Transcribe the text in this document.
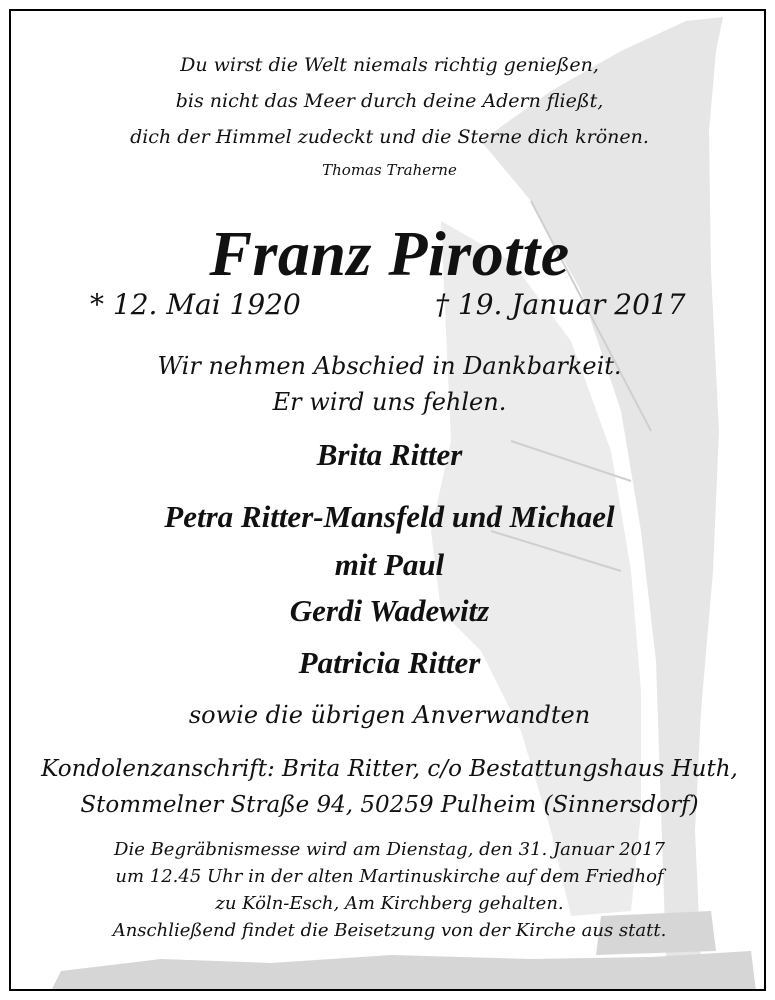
Du wirst die Welt niemals richtig genießen,
bis nicht das Meer durch deine Adern fließt,
dich der Himmel zudeckt und die Sterne dich krönen.
Thomas Traherne
Franz Pirotte
* 12. Mai 1920	† 19. Januar 2017
Wir nehmen Abschied in Dankbarkeit.
Er wird uns fehlen.
Brita Ritter
Petra Ritter-Mansfeld und Michael
mit Paul
Gerdi Wadewitz
Patricia Ritter
sowie die übrigen Anverwandten
Kondolenzanschrift: Brita Ritter, c/o Bestattungshaus Huth,
Stommelner Straße 94, 50259 Pulheim (Sinnersdorf)
Die Begräbnismesse wird am Dienstag, den 31. Januar 2017
um 12.45 Uhr in der alten Martinuskirche auf dem Friedhof
zu Köln-Esch, Am Kirchberg gehalten.
Anschließend findet die Beisetzung von der Kirche aus statt.
